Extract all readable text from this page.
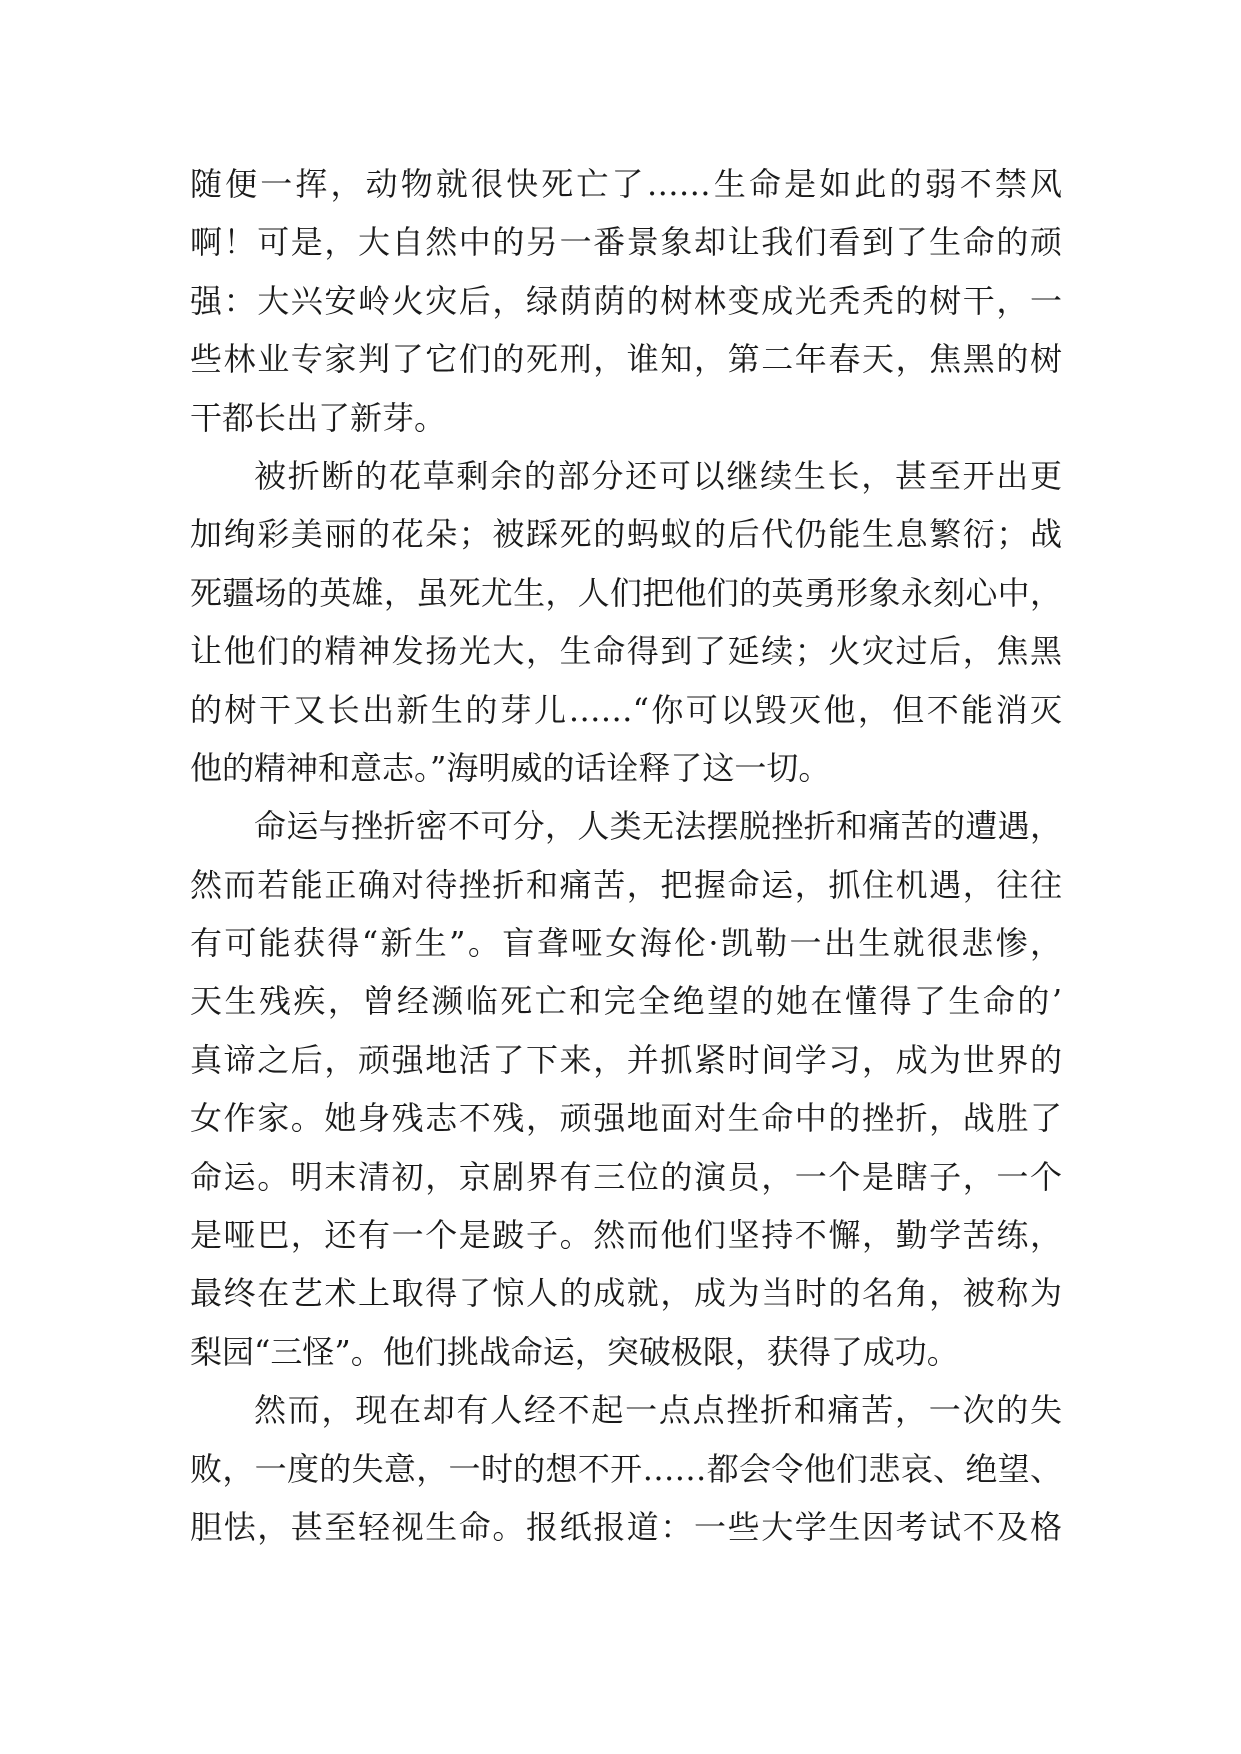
随便一挥，动物就很快死亡了……生命是如此的弱不禁风
啊！可是，大自然中的另一番景象却让我们看到了生命的顽
强：大兴安岭火灾后，绿荫荫的树林变成光秃秃的树干，一
些林业专家判了它们的死刑，谁知，第二年春天，焦黑的树
干都长出了新芽。
被折断的花草剩余的部分还可以继续生长，甚至开出更
加绚彩美丽的花朵；被踩死的蚂蚁的后代仍能生息繁衍；战
死疆场的英雄，虽死尤生，人们把他们的英勇形象永刻心中，
让他们的精神发扬光大，生命得到了延续；火灾过后，焦黑
的树干又长出新生的芽儿……“你可以毁灭他，但不能消灭
他的精神和意志。”海明威的话诠释了这一切。
命运与挫折密不可分，人类无法摆脱挫折和痛苦的遭遇，
然而若能正确对待挫折和痛苦，把握命运，抓住机遇，往往
有可能获得“新生”。盲聋哑女海伦·凯勒一出生就很悲惨，
天生残疾，曾经濒临死亡和完全绝望的她在懂得了生命的’
真谛之后，顽强地活了下来，并抓紧时间学习，成为世界的
女作家。她身残志不残，顽强地面对生命中的挫折，战胜了
命运。明末清初，京剧界有三位的演员，一个是瞎子，一个
是哑巴，还有一个是跛子。然而他们坚持不懈，勤学苦练，
最终在艺术上取得了惊人的成就，成为当时的名角，被称为
梨园“三怪”。他们挑战命运，突破极限，获得了成功。
然而，现在却有人经不起一点点挫折和痛苦，一次的失
败，一度的失意，一时的想不开……都会令他们悲哀、绝望、
胆怯，甚至轻视生命。报纸报道：一些大学生因考试不及格
